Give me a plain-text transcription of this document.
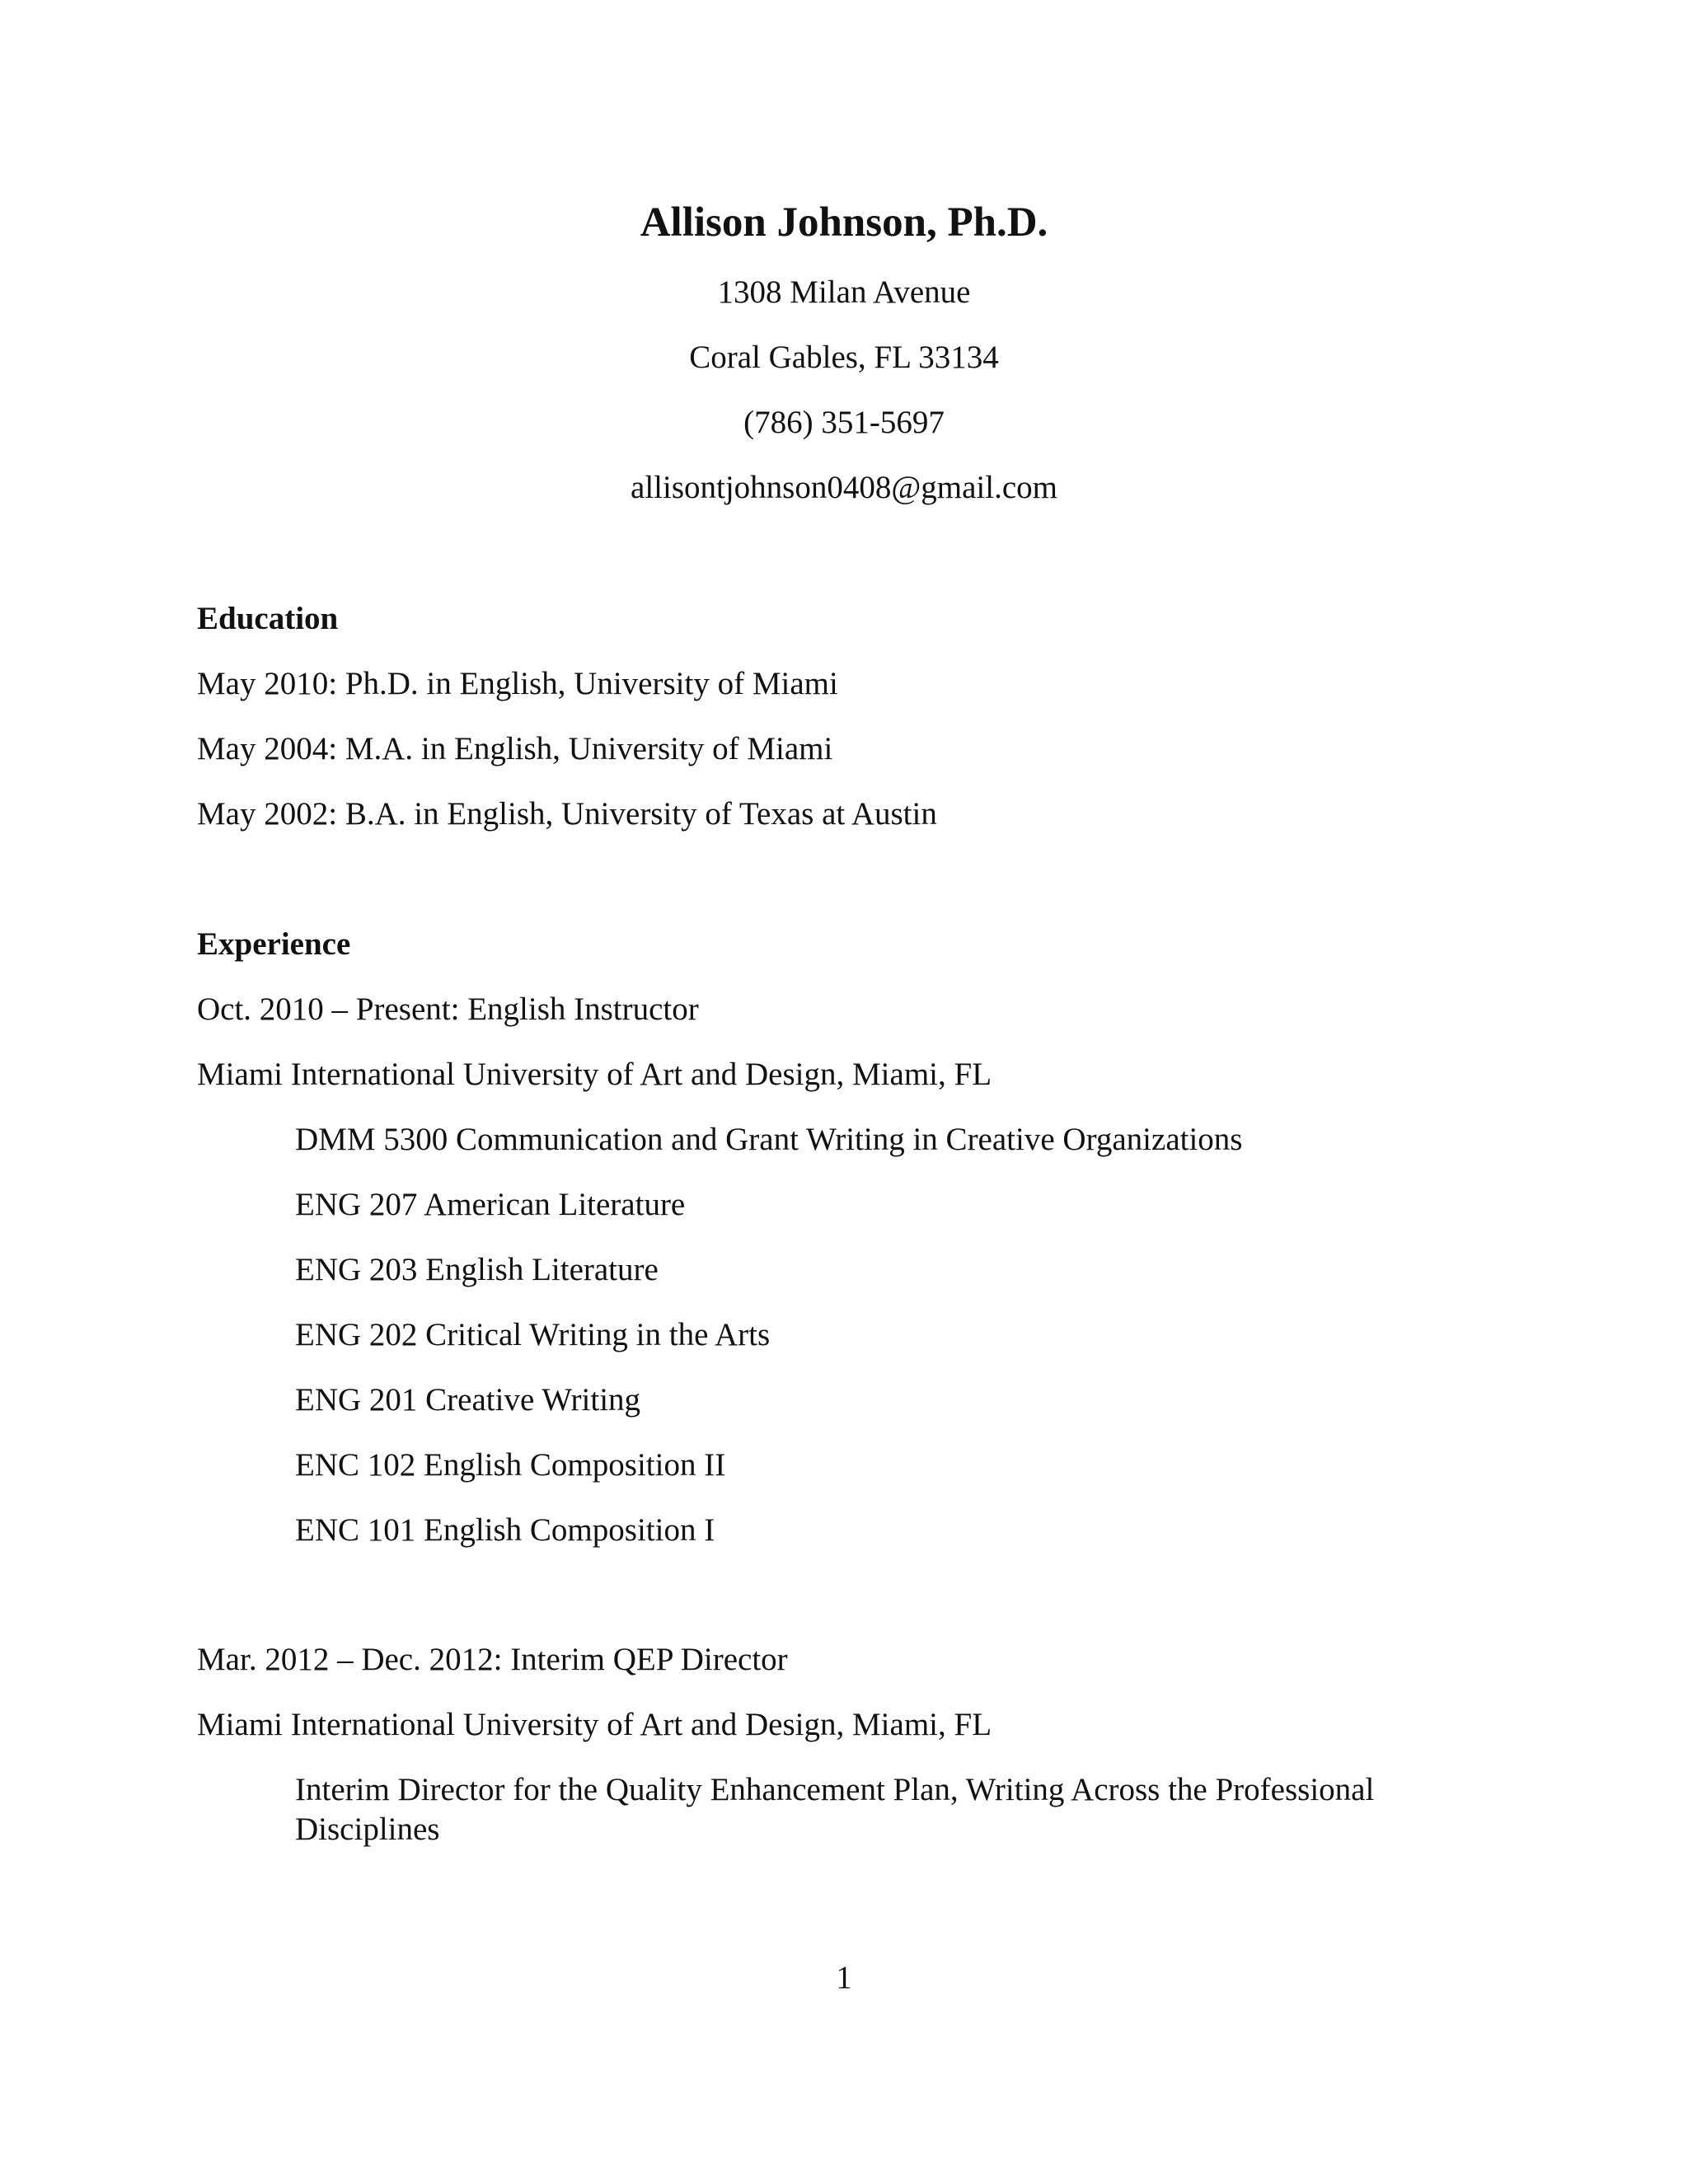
Allison Johnson, Ph.D.
1308 Milan Avenue
Coral Gables, FL 33134
(786) 351-5697
allisontjohnson0408@gmail.com
Education
May 2010: Ph.D. in English, University of Miami
May 2004: M.A. in English, University of Miami
May 2002: B.A. in English, University of Texas at Austin
Experience
Oct. 2010 – Present: English Instructor
Miami International University of Art and Design, Miami, FL
DMM 5300 Communication and Grant Writing in Creative Organizations
ENG 207 American Literature
ENG 203 English Literature
ENG 202 Critical Writing in the Arts
ENG 201 Creative Writing
ENC 102 English Composition II
ENC 101 English Composition I
Mar. 2012 – Dec. 2012: Interim QEP Director
Miami International University of Art and Design, Miami, FL
Interim Director for the Quality Enhancement Plan, Writing Across the Professional Disciplines
1
